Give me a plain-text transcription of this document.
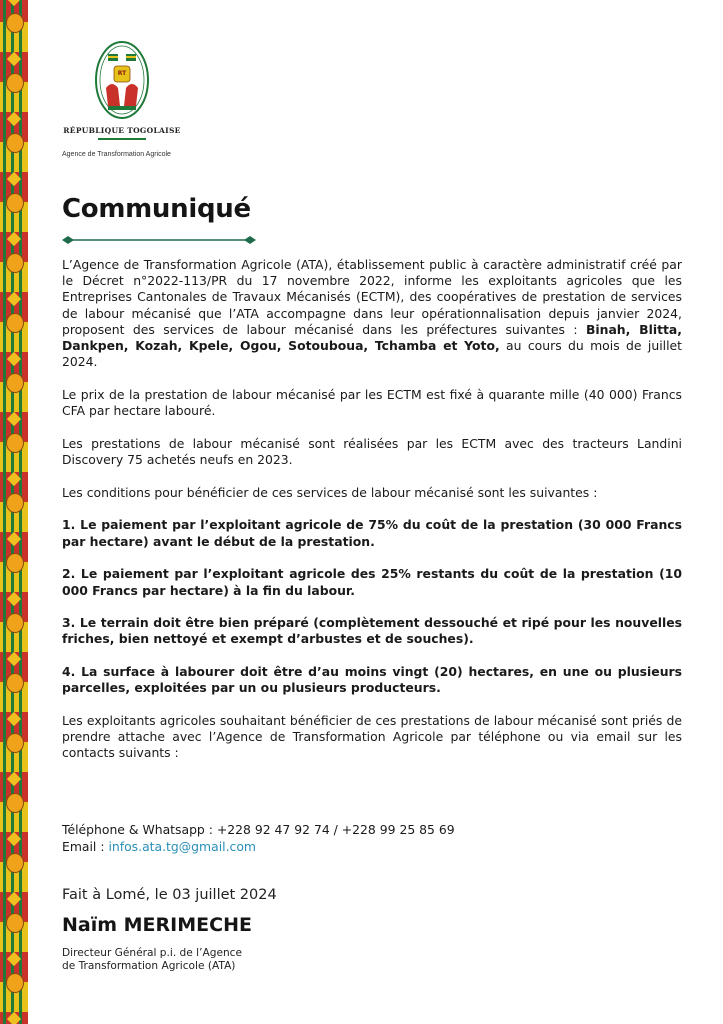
RT
RÉPUBLIQUE TOGOLAISE
Agence de Transformation Agricole
Communiqué

L’Agence de Transformation Agricole (ATA), établissement public à caractère administratif créé par le Décret n°2022-113/PR du 17 novembre 2022, informe les exploitants agricoles que les Entreprises Cantonales de Travaux Mécanisés (ECTM), des coopératives de prestation de services de labour mécanisé que l’ATA accompagne dans leur opérationnalisation depuis janvier 2024, proposent des services de labour mécanisé dans les préfectures suivantes : Binah, Blitta, Dankpen, Kozah, Kpele, Ogou, Sotouboua, Tchamba et Yoto, au cours du mois de juillet 2024.

Le prix de la prestation de labour mécanisé par les ECTM est fixé à quarante mille (40 000) Francs CFA par hectare labouré.

Les prestations de labour mécanisé sont réalisées par les ECTM avec des tracteurs Landini Discovery 75 achetés neufs en 2023.

Les conditions pour bénéficier de ces services de labour mécanisé sont les suivantes :

1. Le paiement par l’exploitant agricole de 75% du coût de la prestation (30 000 Francs par hectare) avant le début de la prestation.

2. Le paiement par l’exploitant agricole des 25% restants du coût de la prestation (10 000 Francs par hectare) à la fin du labour.

3. Le terrain doit être bien préparé (complètement dessouché et ripé pour les nouvelles friches, bien nettoyé et exempt d’arbustes et de souches).

4. La surface à labourer doit être d’au moins vingt (20) hectares, en une ou plusieurs parcelles, exploitées par un ou plusieurs producteurs.

Les exploitants agricoles souhaitant bénéficier de ces prestations de labour mécanisé sont priés de prendre attache avec l’Agence de Transformation Agricole par téléphone ou via email sur les contacts suivants :

Téléphone & Whatsapp : +228 92 47 92 74 / +228 99 25 85 69
Email : infos.ata.tg@gmail.com
Fait à Lomé, le 03 juillet 2024
Naïm MERIMECHE
Directeur Général p.i. de l’Agence
de Transformation Agricole (ATA)
